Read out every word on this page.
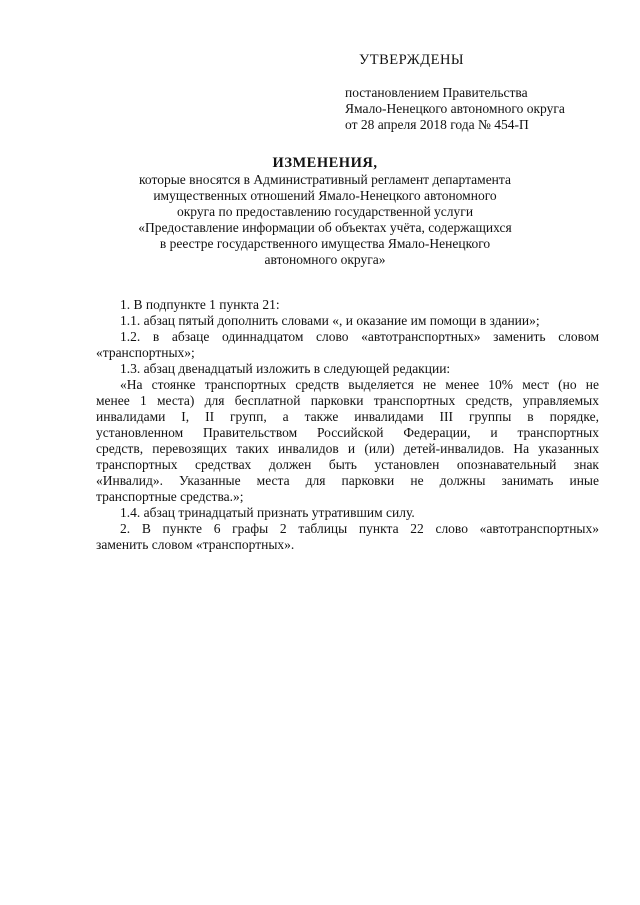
УТВЕРЖДЕНЫ
постановлением Правительства
Ямало-Ненецкого автономного округа
от 28 апреля 2018 года № 454-П
ИЗМЕНЕНИЯ,
которые вносятся в Административный регламент департамента
имущественных отношений Ямало-Ненецкого автономного
округа по предоставлению государственной услуги
«Предоставление информации об объектах учёта, содержащихся
в реестре государственного имущества Ямало-Ненецкого
автономного округа»

1. В подпункте 1 пункта 21:

1.1. абзац пятый дополнить словами «, и оказание им помощи в здании»;

1.2. в абзаце одиннадцатом слово «автотранспортных» заменить словом
«транспортных»;

1.3. абзац двенадцатый изложить в следующей редакции:

«На стоянке транспортных средств выделяется не менее 10% мест (но не
менее 1 места) для бесплатной парковки транспортных средств, управляемых
инвалидами I, II групп, а также инвалидами III группы в порядке,
установленном Правительством Российской Федерации, и транспортных
средств, перевозящих таких инвалидов и (или) детей-инвалидов. На указанных
транспортных средствах должен быть установлен опознавательный знак
«Инвалид». Указанные места для парковки не должны занимать иные
транспортные средства.»;

1.4. абзац тринадцатый признать утратившим силу.

2. В пункте 6 графы 2 таблицы пункта 22 слово «автотранспортных»
заменить словом «транспортных».
